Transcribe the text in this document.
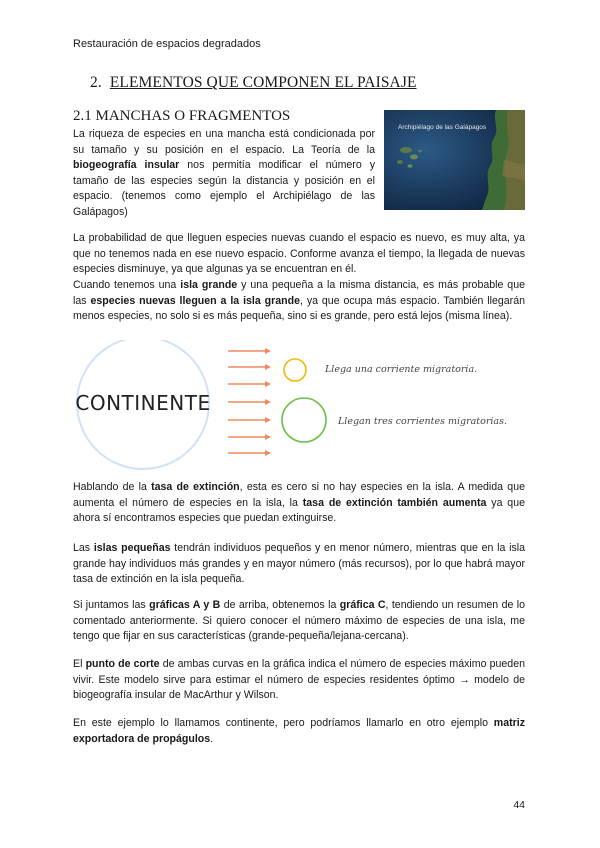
Restauración de espacios degradados
2. ELEMENTOS QUE COMPONEN EL PAISAJE
2.1 MANCHAS O FRAGMENTOS
La riqueza de especies en una mancha está condicionada por su tamaño y su posición en el espacio. La Teoría de la biogeografía insular nos permitía modificar el número y tamaño de las especies según la distancia y posición en el espacio. (tenemos como ejemplo el Archipiélago de las Galápagos)
Archipiélago de las Galápagos
La probabilidad de que lleguen especies nuevas cuando el espacio es nuevo, es muy alta, ya que no tenemos nada en ese nuevo espacio. Conforme avanza el tiempo, la llegada de nuevas especies disminuye, ya que algunas ya se encuentran en él.
Cuando tenemos una isla grande y una pequeña a la misma distancia, es más probable que las especies nuevas lleguen a la isla grande, ya que ocupa más espacio. También llegarán menos especies, no solo si es más pequeña, sino si es grande, pero está lejos (misma línea).
CONTINENTE
Llega una corriente migratoria.
Llegan tres corrientes migratorias.
Hablando de la tasa de extinción, esta es cero si no hay especies en la isla. A medida que aumenta el número de especies en la isla, la tasa de extinción también aumenta ya que ahora sí encontramos especies que puedan extinguirse.
Las islas pequeñas tendrán individuos pequeños y en menor número, mientras que en la isla grande hay individuos más grandes y en mayor número (más recursos), por lo que habrá mayor tasa de extinción en la isla pequeña.
Si juntamos las gráficas A y B de arriba, obtenemos la gráfica C, tendiendo un resumen de lo comentado anteriormente. Si quiero conocer el número máximo de especies de una isla, me tengo que fijar en sus características (grande-pequeña/lejana-cercana).
El punto de corte de ambas curvas en la gráfica indica el número de especies máximo pueden vivir. Este modelo sirve para estimar el número de especies residentes óptimo → modelo de biogeografía insular de MacArthur y Wilson.
En este ejemplo lo llamamos continente, pero podríamos llamarlo en otro ejemplo matriz exportadora de propágulos.
44
